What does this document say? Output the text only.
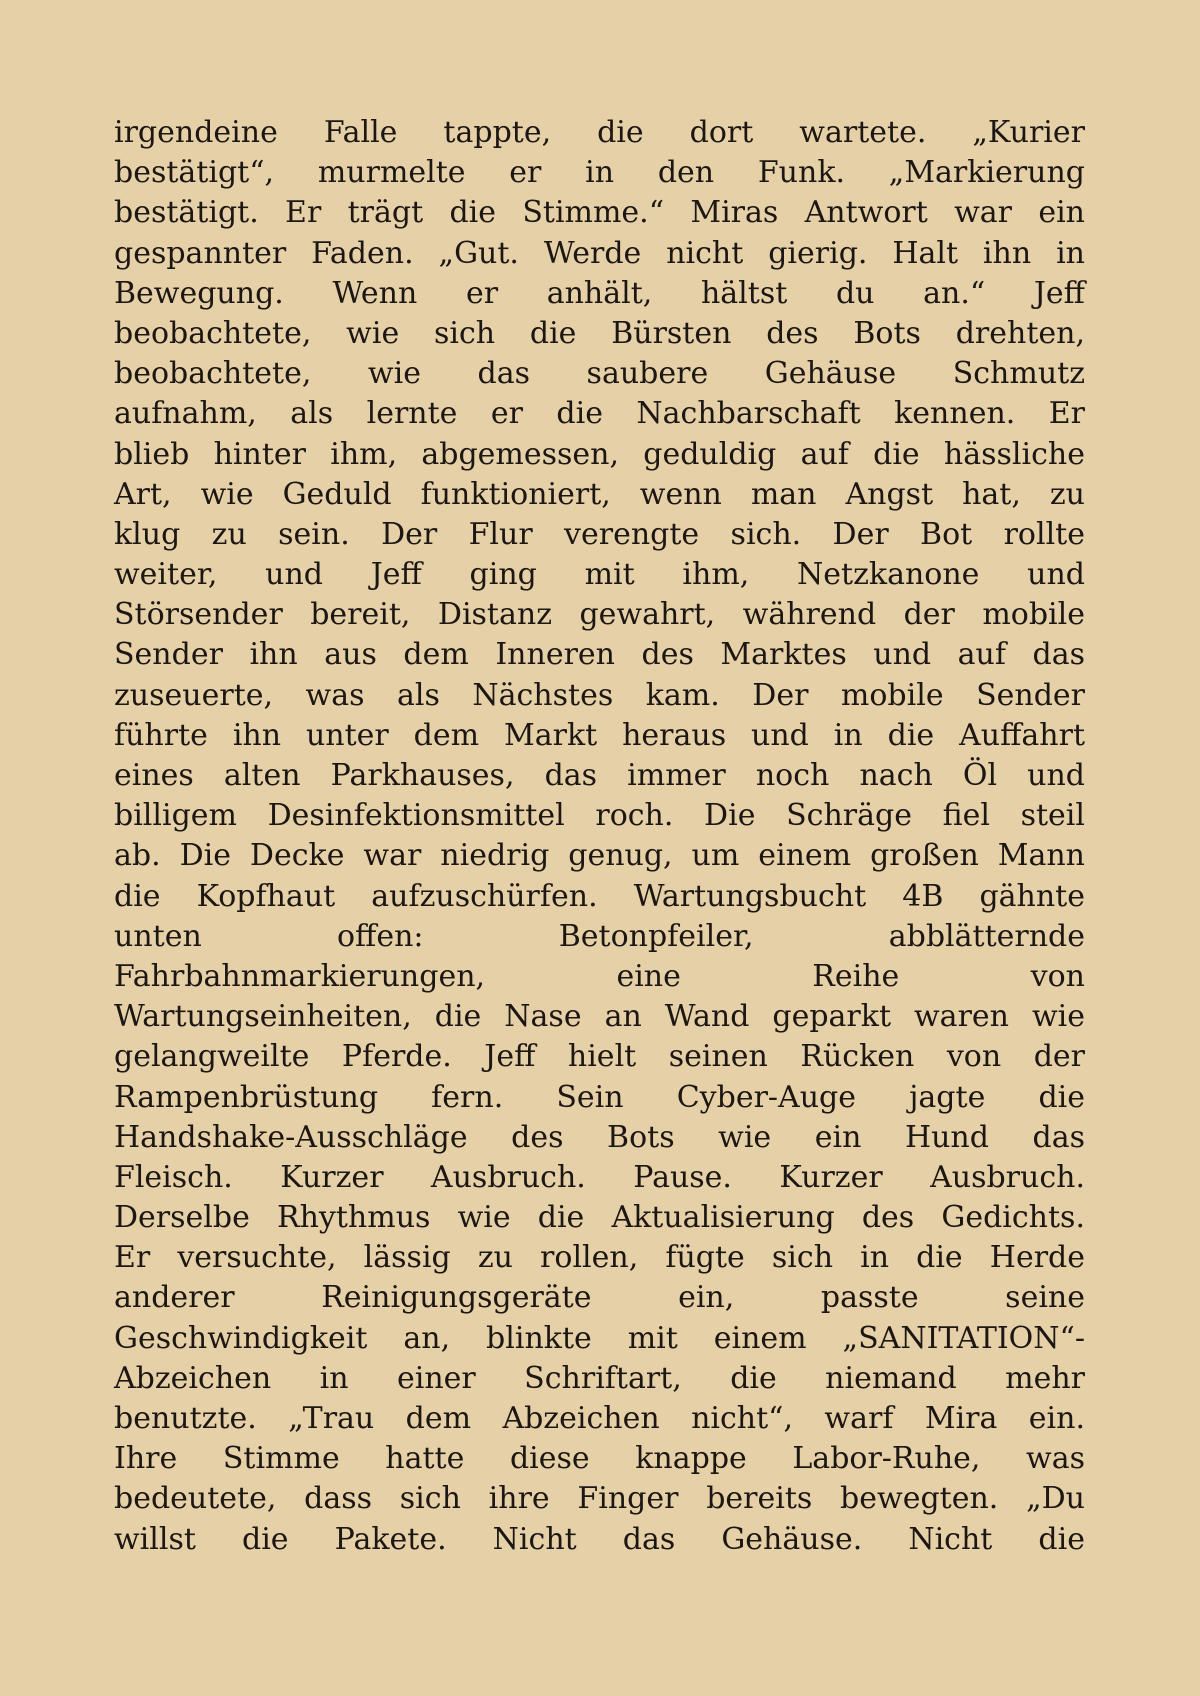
irgendeine Falle tappte, die dort wartete. „Kurier
bestätigt“, murmelte er in den Funk. „Markierung
bestätigt. Er trägt die Stimme.“ Miras Antwort war ein
gespannter Faden. „Gut. Werde nicht gierig. Halt ihn in
Bewegung. Wenn er anhält, hältst du an.“ Jeff
beobachtete, wie sich die Bürsten des Bots drehten,
beobachtete, wie das saubere Gehäuse Schmutz
aufnahm, als lernte er die Nachbarschaft kennen. Er
blieb hinter ihm, abgemessen, geduldig auf die hässliche
Art, wie Geduld funktioniert, wenn man Angst hat, zu
klug zu sein. Der Flur verengte sich. Der Bot rollte
weiter, und Jeff ging mit ihm, Netzkanone und
Störsender bereit, Distanz gewahrt, während der mobile
Sender ihn aus dem Inneren des Marktes und auf das
zuseuerte, was als Nächstes kam. Der mobile Sender
führte ihn unter dem Markt heraus und in die Auffahrt
eines alten Parkhauses, das immer noch nach Öl und
billigem Desinfektionsmittel roch. Die Schräge fiel steil
ab. Die Decke war niedrig genug, um einem großen Mann
die Kopfhaut aufzuschürfen. Wartungsbucht 4B gähnte
unten offen: Betonpfeiler, abblätternde
Fahrbahnmarkierungen, eine Reihe von
Wartungseinheiten, die Nase an Wand geparkt waren wie
gelangweilte Pferde. Jeff hielt seinen Rücken von der
Rampenbrüstung fern. Sein Cyber-Auge jagte die
Handshake-Ausschläge des Bots wie ein Hund das
Fleisch. Kurzer Ausbruch. Pause. Kurzer Ausbruch.
Derselbe Rhythmus wie die Aktualisierung des Gedichts.
Er versuchte, lässig zu rollen, fügte sich in die Herde
anderer Reinigungsgeräte ein, passte seine
Geschwindigkeit an, blinkte mit einem „SANITATION“-
Abzeichen in einer Schriftart, die niemand mehr
benutzte. „Trau dem Abzeichen nicht“, warf Mira ein.
Ihre Stimme hatte diese knappe Labor-Ruhe, was
bedeutete, dass sich ihre Finger bereits bewegten. „Du
willst die Pakete. Nicht das Gehäuse. Nicht die
